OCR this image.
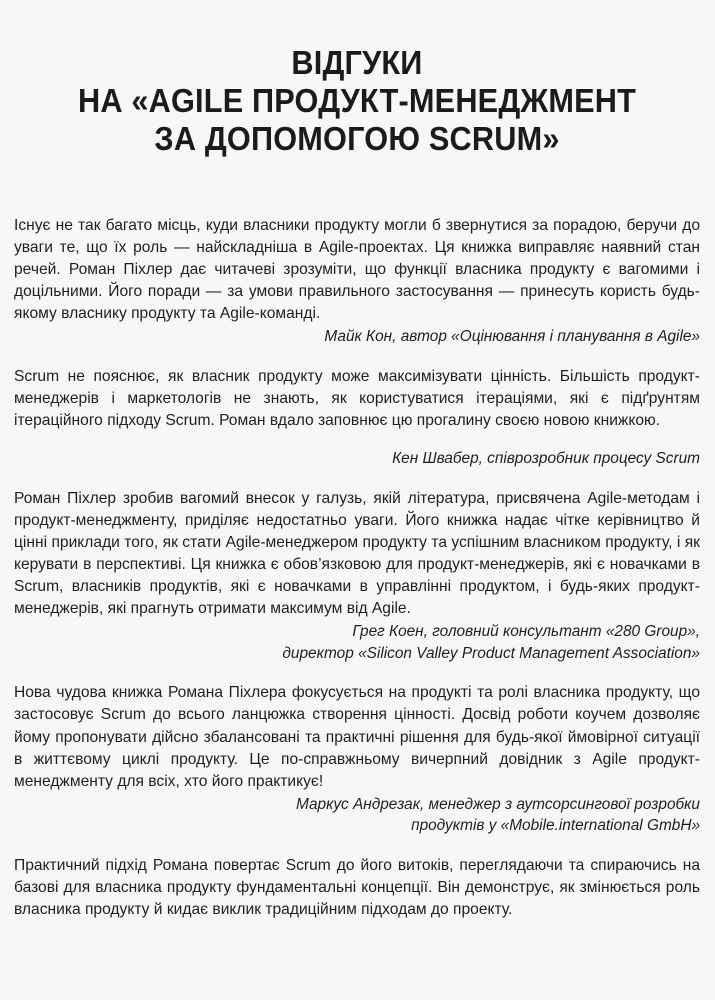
ВІДГУКИ
НА «AGILE ПРОДУКТ-МЕНЕДЖМЕНТ
ЗА ДОПОМОГОЮ SCRUM»

Існує не так багато місць, куди власники продукту могли б звернутися за порадою, беручи до уваги те, що їх роль — найскладніша в Agile-проектах. Ця книжка виправляє наявний стан речей. Роман Піхлер дає читачеві зрозуміти, що функції власника продукту є вагомими і доцільними. Його поради — за умови правильного застосування — принесуть користь будь-якому власнику продукту та Agile-команді.

Майк Кон, автор «Оцінювання і планування в Agile»

Scrum не пояснює, як власник продукту може максимізувати цінність. Більшість продукт-менеджерів і маркетологів не знають, як користуватися ітераціями, які є підґрунтям ітераційного підходу Scrum. Роман вдало заповнює цю прогалину своєю новою книжкою.

Кен Швабер, співрозробник процесу Scrum

Роман Піхлер зробив вагомий внесок у галузь, якій література, присвячена Agile-методам і продукт-менеджменту, приділяє недостатньо уваги. Його книжка надає чітке керівництво й цінні приклади того, як стати Agile-менеджером продукту та успішним власником продукту, і як керувати в перспективі. Ця книжка є обов’язковою для продукт-менеджерів, які є новачками в Scrum, власників продуктів, які є новачками в управлінні продуктом, і будь-яких продукт-менеджерів, які прагнуть отримати максимум від Agile.

Грег Коен, головний консультант «280 Group»,
директор «Silicon Valley Product Management Association»

Нова чудова книжка Романа Піхлера фокусується на продукті та ролі власника продукту, що застосовує Scrum до всього ланцюжка створення цінності. Досвід роботи коучем дозволяє йому пропонувати дійсно збалансовані та практичні рішення для будь-якої ймовірної ситуації в життєвому циклі продукту. Це по-справжньому вичерпний довідник з Agile продукт-менеджменту для всіх, хто його практикує!

Маркус Андрезак, менеджер з аутсорсингової розробки
продуктів у «Mobile.international GmbH»

Практичний підхід Романа повертає Scrum до його витоків, переглядаючи та спираючись на базові для власника продукту фундаментальні концепції. Він демонструє, як змінюється роль власника продукту й кидає виклик традиційним підходам до проекту.
